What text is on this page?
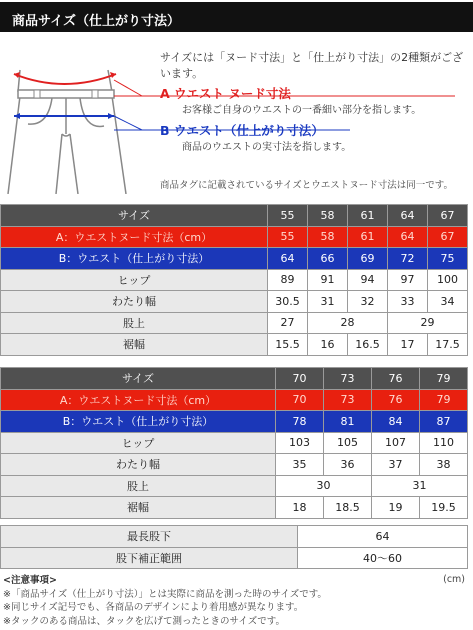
商品サイズ（仕上がり寸法）
サイズには「ヌード寸法」と「仕上がり寸法」の2種類がございます。
A ウエスト ヌード寸法
お客様ご自身のウエストの一番細い部分を指します。
B ウエスト（仕上がり寸法）
商品のウエストの実寸法を指します。
商品タグに記載されているサイズとウエストヌード寸法は同一です。
サイズ	55	58	61	64	67
A：ウエストヌード寸法（cm）	55	58	61	64	67
B：ウエスト（仕上がり寸法）	64	66	69	72	75
ヒップ	89	91	94	97	100
わたり幅	30.5	31	32	33	34
股上	27	28		29	
裾幅	15.5	16	16.5	17	17.5
サイズ	70	73	76	79
A：ウエストヌード寸法（cm）	70	73	76	79
B：ウエスト（仕上がり寸法）	78	81	84	87
ヒップ	103	105	107	110
わたり幅	35	36	37	38
股上	30		31	
裾幅	18	18.5	19	19.5
最長股下	64
股下補正範囲	40〜60
(cm)
<注意事項>
※「商品サイズ（仕上がり寸法）」とは実際に商品を測った時のサイズです。
※同じサイズ記号でも、各商品のデザインにより着用感が異なります。
※タックのある商品は、タックを広げて測ったときのサイズです。
